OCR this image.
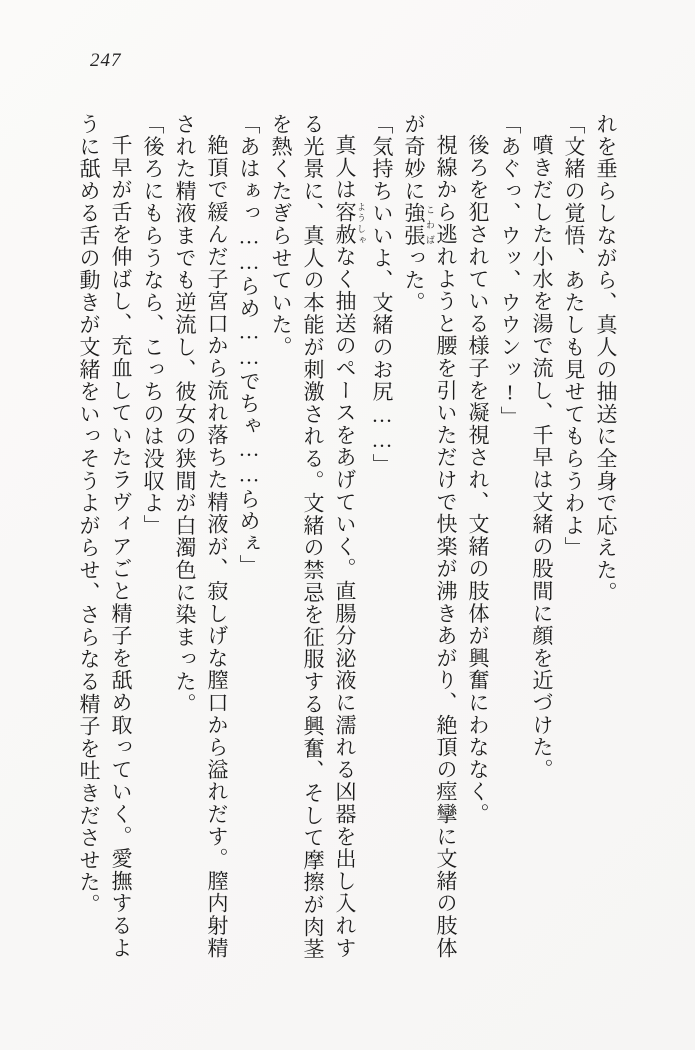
247

れを垂らしながら、真人の抽送に全身で応えた。

「文緒の覚悟、あたしも見せてもらうわよ」

噴きだした小水を湯で流し、千早は文緒の股間に顔を近づけた。

「あぐっ、ウッ、ウウンッ!」

後ろを犯されている様子を凝視され、文緒の肢体が興奮にわななく。

視線から逃れようと腰を引いただけで快楽が沸きあがり、絶頂の痙攣に文緒の肢体が奇妙に強張 こわばった。

「気持ちいいよ、文緒のお尻……」

真人は容赦 ようしゃなく抽送のペースをあげていく。直腸分泌液に濡れる凶器を出し入れする光景に、真人の本能が刺激される。文緒の禁忌を征服する興奮、そして摩擦が肉茎を熱くたぎらせていた。

「あはぁっ……らめ……でちゃ……らめぇ」

絶頂で緩んだ子宮口から流れ落ちた精液が、寂しげな膣口から溢れだす。膣内射精された精液までも逆流し、彼女の狭間が白濁色に染まった。

「後ろにもらうなら、こっちのは没収よ」

千早が舌を伸ばし、充血していたラヴィアごと精子を舐め取っていく。愛撫するように舐める舌の動きが文緒をいっそうよがらせ、さらなる精子を吐きださせた。
